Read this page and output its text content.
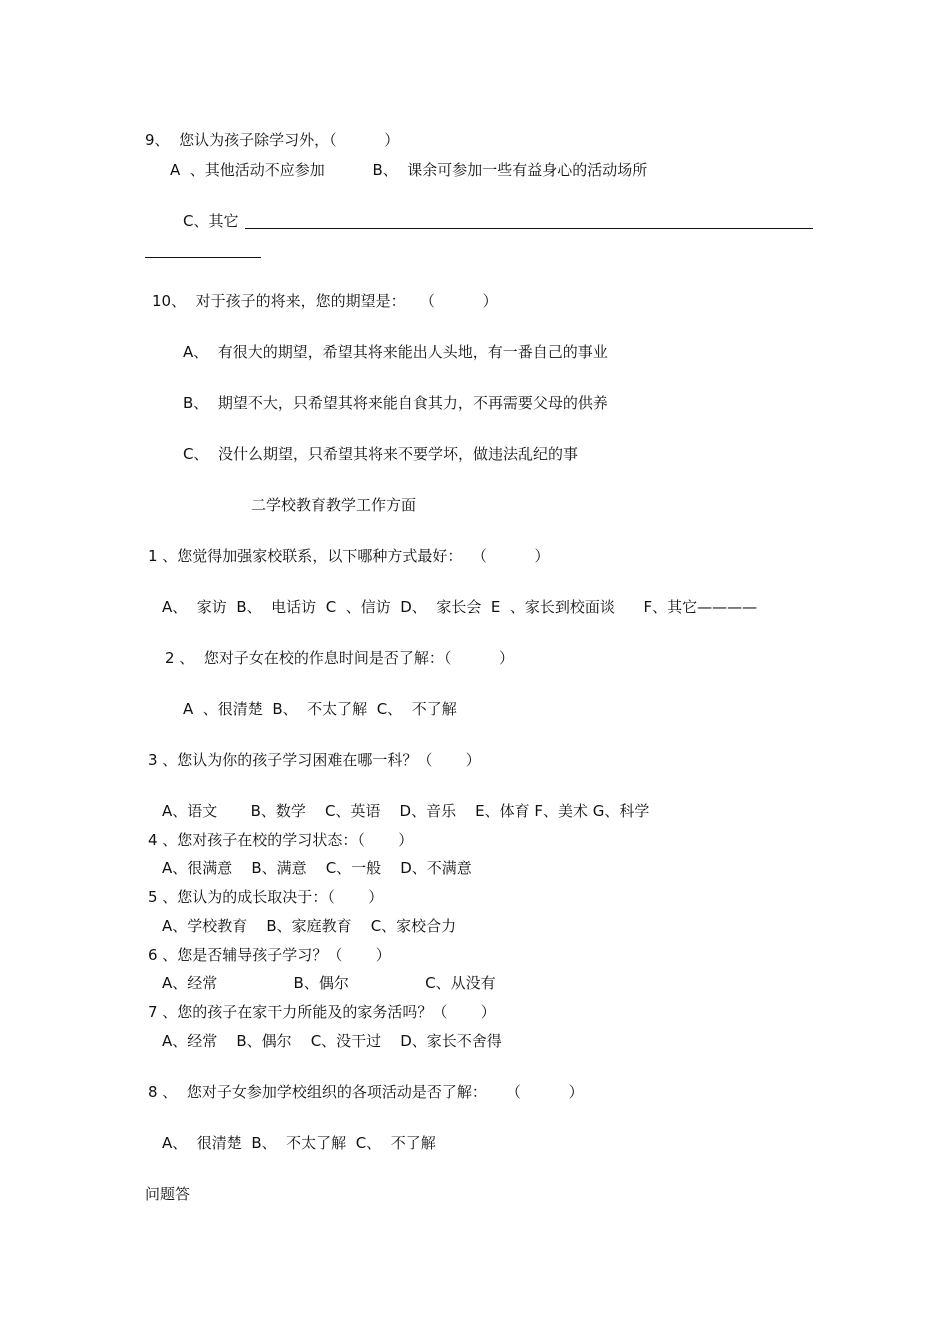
9、  您认为孩子除学习外，（          ）
A  、其他活动不应参加          B、  课余可参加一些有益身心的活动场所
C、其它
10、  对于孩子的将来，您的期望是：   （          ）
A、  有很大的期望，希望其将来能出人头地，有一番自己的事业
B、  期望不大，只希望其将来能自食其力，不再需要父母的供养
C、  没什么期望，只希望其将来不要学坏，做违法乱纪的事
二学校教育教学工作方面
1 、您觉得加强家校联系，以下哪种方式最好：  （          ）
A、  家访  B、  电话访  C  、信访  D、  家长会  E  、家长到校面谈      F、其它————
2 、  您对子女在校的作息时间是否了解：（          ）
A  、很清楚  B、  不太了解  C、  不了解
3 、您认为你的孩子学习困难在哪一科？（       ）
A、语文       B、数学    C、英语    D、音乐    E、体育 F、美术 G、科学
4 、您对孩子在校的学习状态：（       ）
A、很满意    B、满意    C、一般    D、不满意
5 、您认为的成长取决于：（       ）
A、学校教育    B、家庭教育    C、家校合力
6 、您是否辅导孩子学习？（       ）
A、经常                B、偶尔                C、从没有
7 、您的孩子在家干力所能及的家务活吗？（       ）
A、经常    B、偶尔    C、没干过    D、家长不舍得
8 、  您对子女参加学校组织的各项活动是否了解：    （          ）
A、  很清楚  B、  不太了解  C、  不了解
问题答
